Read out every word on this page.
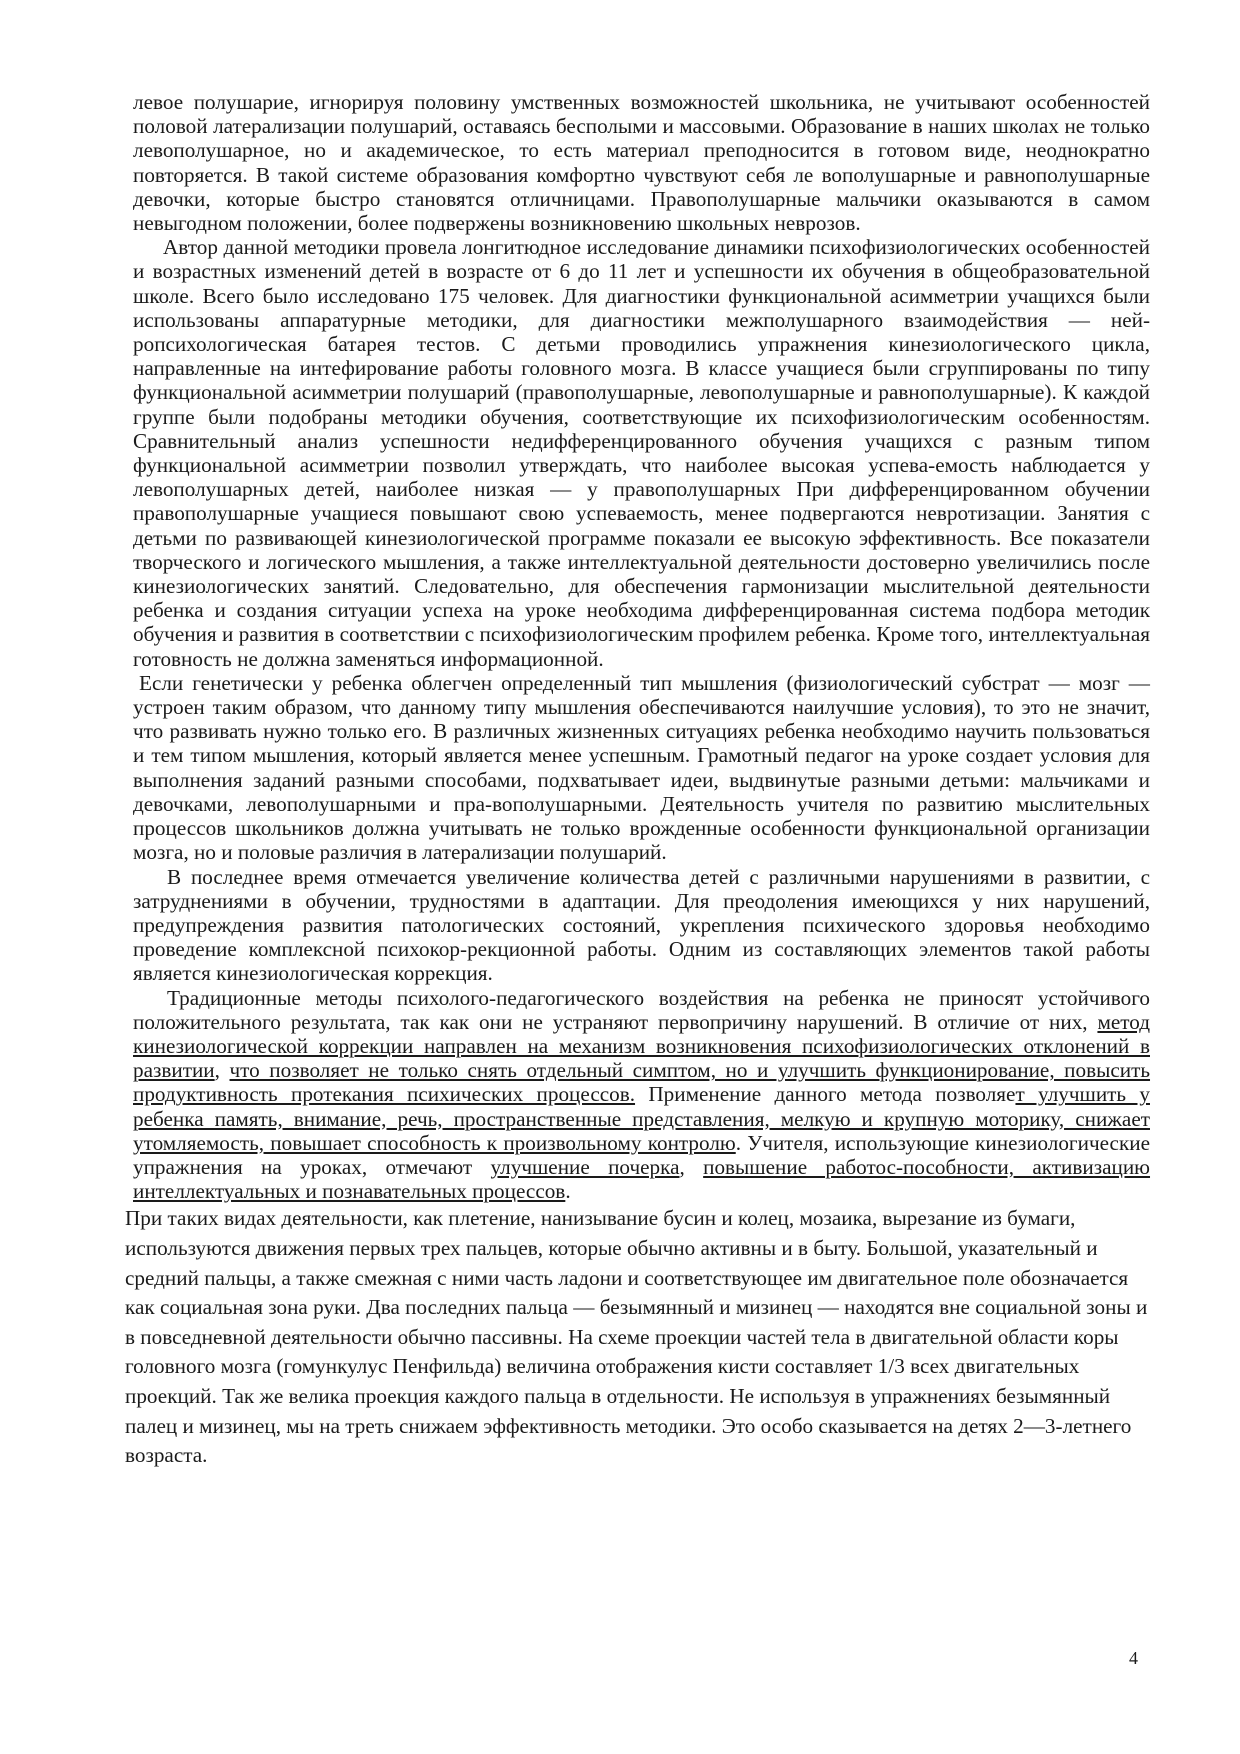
левое полушарие, игнорируя половину умственных возможностей школьника, не учитывают особенностей половой латерализации полушарий, оставаясь бесполыми и массовыми. Образование в наших школах не только левополушарное, но и академическое, то есть материал преподносится в готовом виде, неоднократно повторяется. В такой системе образования комфортно чувствуют себя ле вополушарные и равнополушарные девочки, которые быстро становятся отличницами. Правополушарные мальчики оказываются в самом невыгодном положении, более подвержены возникновению школьных неврозов.

Автор данной методики провела лонгитюдное исследование динамики психофизиологических особенностей и возрастных изменений детей в возрасте от 6 до 11 лет и успешности их обучения в общеобразовательной школе. Всего было исследовано 175 человек. Для диагностики функциональной асимметрии учащихся были использованы аппаратурные методики, для диагностики межполушарного взаимодействия — ней-ропсихологическая батарея тестов. С детьми проводились упражнения кинезиологического цикла, направленные на интефирование работы головного мозга. В классе учащиеся были сгруппированы по типу функциональной асимметрии полушарий (правополушарные, левополушарные и равнополушарные). К каждой группе были подобраны методики обучения, соответствующие их психофизиологическим особенностям. Сравнительный анализ успешности недифференцированного обучения учащихся с разным типом функциональной асимметрии позволил утверждать, что наиболее высокая успева-емость наблюдается у левополушарных детей, наиболее низкая — у правополушарных При дифференцированном обучении правополушарные учащиеся повышают свою успеваемость, менее подвергаются невротизации. Занятия с детьми по развивающей кинезиологической программе показали ее высокую эффективность. Все показатели творческого и логического мышления, а также интеллектуальной деятельности достоверно увеличились после кинезиологических занятий. Следовательно, для обеспечения гармонизации мыслительной деятельности ребенка и создания ситуации успеха на уроке необходима дифференцированная система подбора методик обучения и развития в соответствии с психофизиологическим профилем ребенка. Кроме того, интеллектуальная готовность не должна заменяться информационной.

Если генетически у ребенка облегчен определенный тип мышления (физиологический субстрат — мозг — устроен таким образом, что данному типу мышления обеспечиваются наилучшие условия), то это не значит, что развивать нужно только его. В различных жизненных ситуациях ребенка необходимо научить пользоваться и тем типом мышления, который является менее успешным. Грамотный педагог на уроке создает условия для выполнения заданий разными способами, подхватывает идеи, выдвинутые разными детьми: мальчиками и девочками, левополушарными и пра-вополушарными. Деятельность учителя по развитию мыслительных процессов школьников должна учитывать не только врожденные особенности функциональной организации мозга, но и половые различия в латерализации полушарий.

В последнее время отмечается увеличение количества детей с различными нарушениями в развитии, с затруднениями в обучении, трудностями в адаптации. Для преодоления имеющихся у них нарушений, предупреждения развития патологических состояний, укрепления психического здоровья необходимо проведение комплексной психокор-рекционной работы. Одним из составляющих элементов такой работы является кинезиологическая коррекция.

Традиционные методы психолого-педагогического воздействия на ребенка не приносят устойчивого положительного результата, так как они не устраняют первопричину нарушений. В отличие от них, метод кинезиологической коррекции направлен на механизм возникновения психофизиологических отклонений в развитии, что позволяет не только снять отдельный симптом, но и улучшить функционирование, повысить продуктивность протекания психических процессов. Применение данного метода позволяет улучшить у ребенка память, внимание, речь, пространственные представления, мелкую и крупную моторику, снижает утомляемость, повышает способность к произвольному контролю. Учителя, использующие кинезиологические упражнения на уроках, отмечают улучшение почерка, повышение работос-пособности, активизацию интеллектуальных и познавательных процессов.

При таких видах деятельности, как плетение, нанизывание бусин и колец, мозаика, вырезание из бумаги, используются движения первых трех пальцев, которые обычно активны и в быту. Большой, указательный и средний пальцы, а также смежная с ними часть ладони и соответствующее им двигательное поле обозначается как социальная зона руки. Два последних пальца — безымянный и мизинец — находятся вне социальной зоны и в повседневной деятельности обычно пассивны. На схеме проекции частей тела в двигательной области коры головного мозга (гомункулус Пенфильда) величина отображения кисти составляет 1/3 всех двигательных проекций. Так же велика проекция каждого пальца в отдельности. Не используя в упражнениях безымянный палец и мизинец, мы на треть снижаем эффективность методики. Это особо сказывается на детях 2—3-летнего возраста.

4
